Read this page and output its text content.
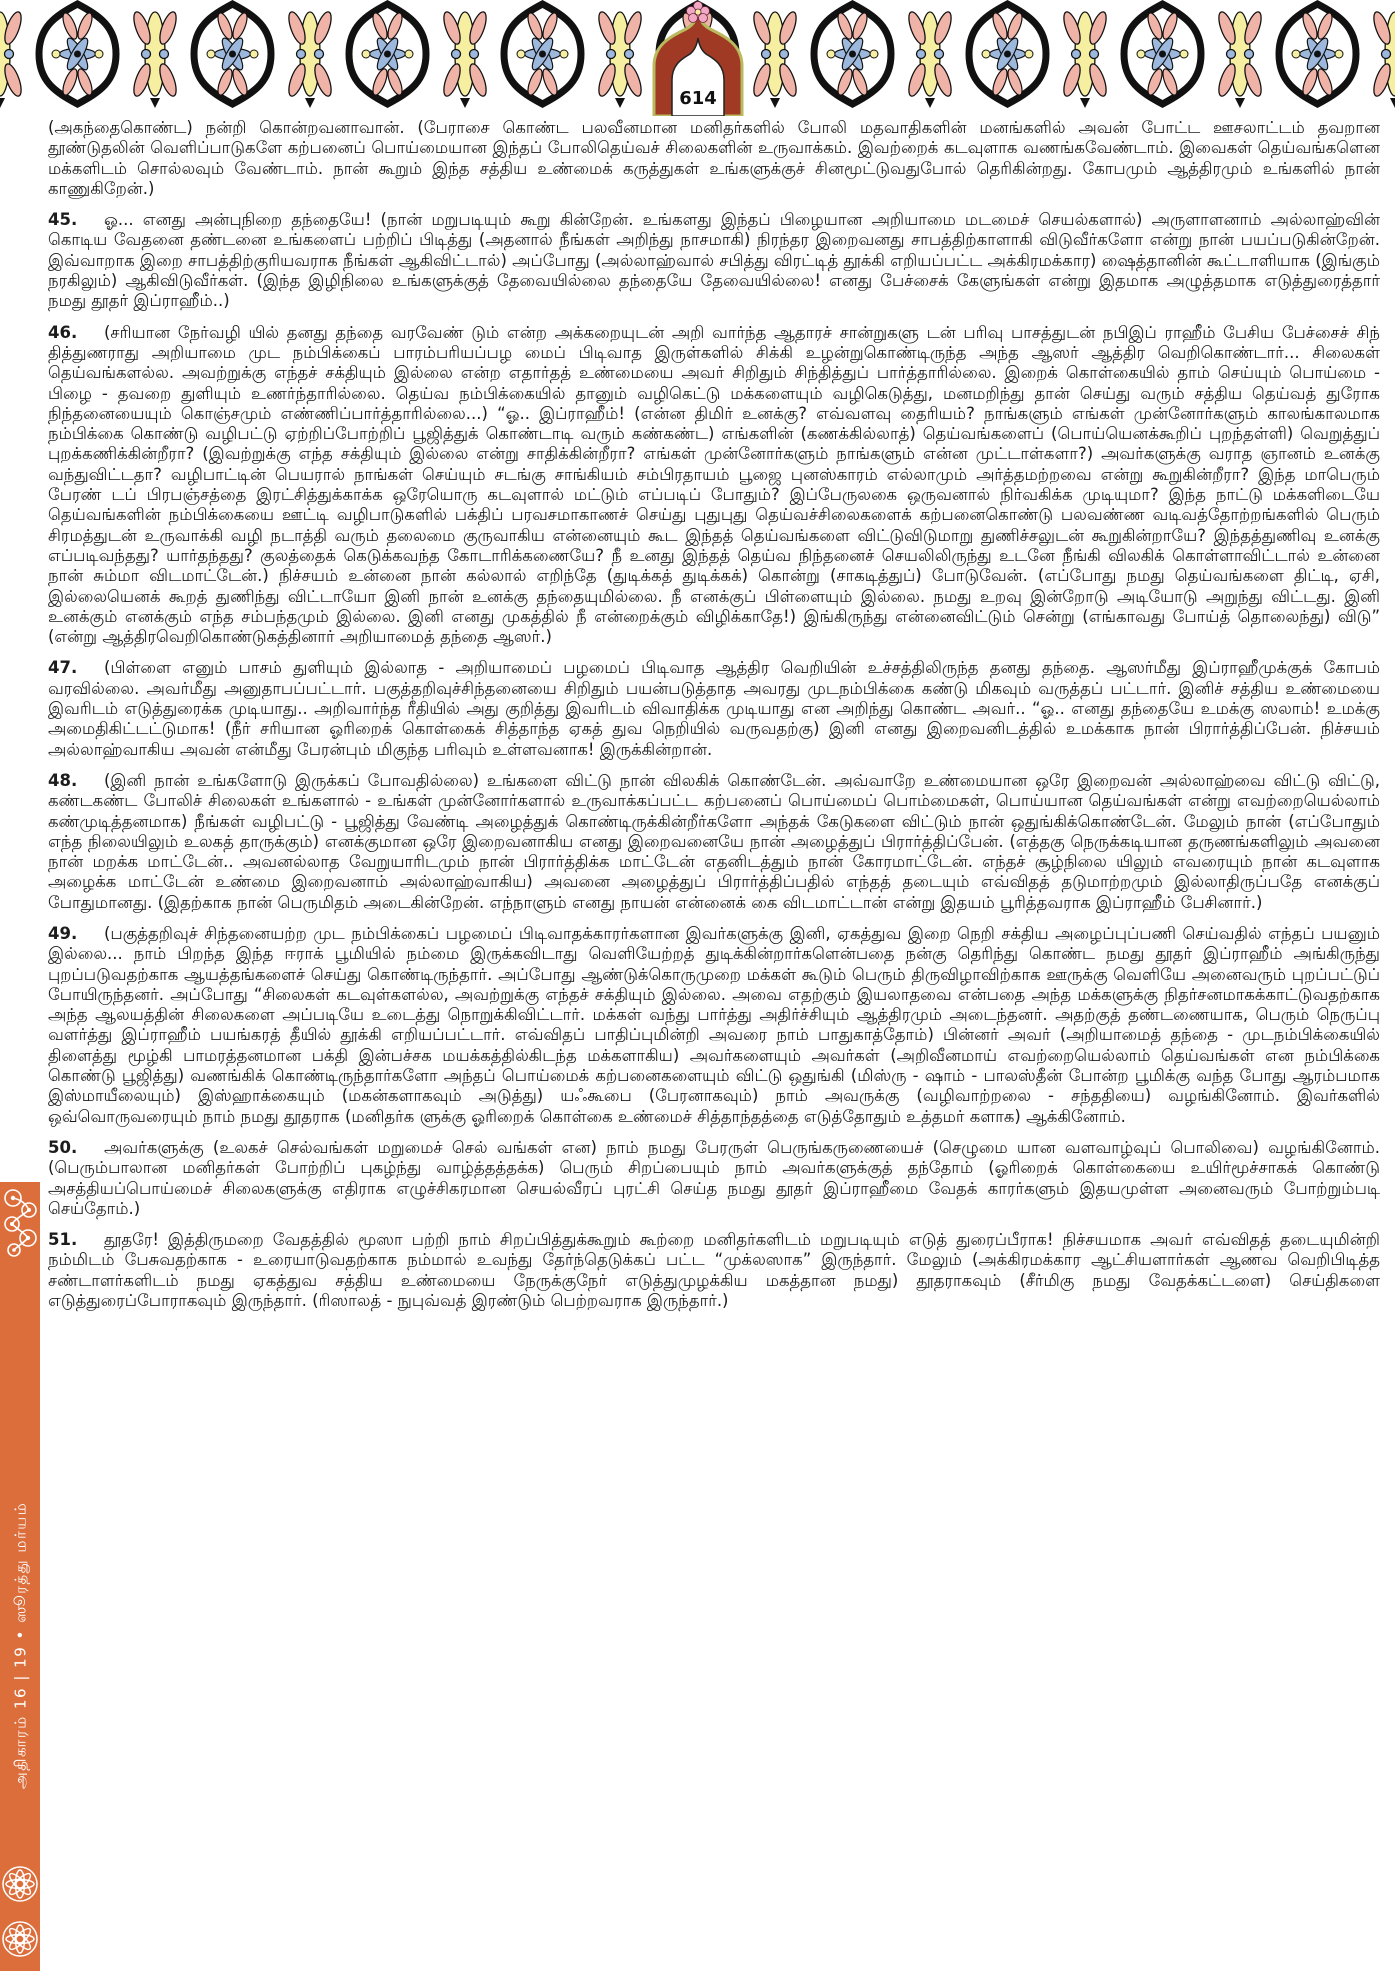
614

(அகந்தைகொண்ட) நன்றி கொன்றவனாவான். (பேராசை கொண்ட பலவீனமான மனிதர்களில் போலி மதவாதிகளின் மனங்களில் அவன் போட்ட ஊசலாட்டம் தவறான தூண்டுதலின் வெளிப்பாடுகளே கற்பனைப் பொய்மையான இந்தப் போலிதெய்வச் சிலைகளின் உருவாக்கம். இவற்றைக் கடவுளாக வணங்கவேண்டாம். இவைகள் தெய்வங்களென மக்களிடம் சொல்லவும் வேண்டாம். நான் கூறும் இந்த சத்திய உண்மைக் கருத்துகள் உங்களுக்குச் சினமூட்டுவதுபோல் தெரிகின்றது. கோபமும் ஆத்திரமும் உங்களில் நான் காணுகிறேன்.)

45. ஓ... எனது அன்புநிறை தந்தையே! (நான் மறுபடியும் கூறு கின்றேன். உங்களது இந்தப் பிழையான அறியாமை மடமைச் செயல்களால்) அருளாளனாம் அல்லாஹ்வின் கொடிய வேதனை தண்டனை உங்களைப் பற்றிப் பிடித்து (அதனால் நீங்கள் அறிந்து நாசமாகி) நிரந்தர இறைவனது சாபத்திற்காளாகி விடுவீர்களோ என்று நான் பயப்படுகின்றேன். இவ்வாறாக இறை சாபத்திற்குரியவராக நீங்கள் ஆகிவிட்டால்) அப்போது (அல்லாஹ்வால் சபித்து விரட்டித் தூக்கி எறியப்பட்ட அக்கிரமக்கார) ஷைத்தானின் கூட்டாளியாக (இங்கும் நரகிலும்) ஆகிவிடுவீர்கள். (இந்த இழிநிலை உங்களுக்குத் தேவையில்லை தந்தையே தேவையில்லை! எனது பேச்சைக் கேளுங்கள் என்று இதமாக அழுத்தமாக எடுத்துரைத்தார் நமது தூதர் இப்ராஹீம்..)

46. (சரியான நேர்வழி யில் தனது தந்தை வரவேண் டும் என்ற அக்கறையுடன் அறி வார்ந்த ஆதாரச் சான்றுகளு டன் பரிவு பாசத்துடன் நபிஇப் ராஹீம் பேசிய பேச்சைச் சிந் தித்துணராது அறியாமை முட நம்பிக்கைப் பாரம்பரியப்பழ மைப் பிடிவாத இருள்களில் சிக்கி உழன்றுகொண்டிருந்த அந்த ஆஸர் ஆத்திர வெறிகொண்டார்... சிலைகள் தெய்வங்களல்ல. அவற்றுக்கு எந்தச் சக்தியும் இல்லை என்ற எதார்தத் உண்மையை அவர் சிறிதும் சிந்தித்துப் பார்த்தாரில்லை. இறைக் கொள்கையில் தாம் செய்யும் பொய்மை - பிழை - தவறை துளியும் உணர்ந்தாரில்லை. தெய்வ நம்பிக்கையில் தானும் வழிகெட்டு மக்களையும் வழிகெடுத்து, மனமறிந்து தான் செய்து வரும் சத்திய தெய்வத் துரோக நிந்தனையையும் கொஞ்சமும் எண்ணிப்பார்த்தாரில்லை...) “ஓ.. இப்ராஹீம்! (என்ன திமிர் உனக்கு? எவ்வளவு தைரியம்? நாங்களும் எங்கள் முன்னோர்களும் காலங்காலமாக நம்பிக்கை கொண்டு வழிபட்டு ஏற்றிப்போற்றிப் பூஜித்துக் கொண்டாடி வரும் கண்கண்ட) எங்களின் (கணக்கில்லாத்) தெய்வங்களைப் (பொய்யெனக்கூறிப் புறந்தள்ளி) வெறுத்துப் புறக்கணிக்கின்றீரா? (இவற்றுக்கு எந்த சக்தியும் இல்லை என்று சாதிக்கின்றீரா? எங்கள் முன்னோர்களும் நாங்களும் என்ன முட்டாள்களா?) அவர்களுக்கு வராத ஞானம் உனக்கு வந்துவிட்டதா? வழிபாட்டின் பெயரால் நாங்கள் செய்யும் சடங்கு சாங்கியம் சம்பிரதாயம் பூஜை புனஸ்காரம் எல்லாமும் அர்த்தமற்றவை என்று கூறுகின்றீரா? இந்த மாபெரும் பேரண் டப் பிரபஞ்சத்தை இரட்சித்துக்காக்க ஒரேயொரு கடவுளால் மட்டும் எப்படிப் போதும்? இப்பேருலகை ஒருவனால் நிர்வகிக்க முடியுமா? இந்த நாட்டு மக்களிடையே தெய்வங்களின் நம்பிக்கையை ஊட்டி வழிபாடுகளில் பக்திப் பரவசமாகாணச் செய்து புதுபுது தெய்வச்சிலைகளைக் கற்பனைகொண்டு பலவண்ண வடிவத்தோற்றங்களில் பெரும் சிரமத்துடன் உருவாக்கி வழி நடாத்தி வரும் தலைமை குருவாகிய என்னையும் கூட இந்தத் தெய்வங்களை விட்டுவிடுமாறு துணிச்சலுடன் கூறுகின்றாயே? இந்தத்துணிவு உனக்கு எப்படிவந்தது? யார்தந்தது? குலத்தைக் கெடுக்கவந்த கோடாரிக்கணையே? நீ உனது இந்தத் தெய்வ நிந்தனைச் செயலிலிருந்து உடனே நீங்கி விலகிக் கொள்ளாவிட்டால் உன்னை நான் சும்மா விடமாட்டேன்.) நிச்சயம் உன்னை நான் கல்லால் எறிந்தே (துடிக்கத் துடிக்கக்) கொன்று (சாகடித்துப்) போடுவேன். (எப்போது நமது தெய்வங்களை திட்டி, ஏசி, இல்லையெனக் கூறத் துணிந்து விட்டாயோ இனி நான் உனக்கு தந்தையுமில்லை. நீ எனக்குப் பிள்ளையும் இல்லை. நமது உறவு இன்றோடு அடியோடு அறுந்து விட்டது. இனி உனக்கும் எனக்கும் எந்த சம்பந்தமும் இல்லை. இனி எனது முகத்தில் நீ என்றைக்கும் விழிக்காதே!) இங்கிருந்து என்னைவிட்டும் சென்று (எங்காவது போய்த் தொலைந்து) விடு” (என்று ஆத்திரவெறிகொண்டுகத்தினார் அறியாமைத் தந்தை ஆஸர்.)

47. (பிள்ளை எனும் பாசம் துளியும் இல்லாத - அறியாமைப் பழமைப் பிடிவாத ஆத்திர வெறியின் உச்சத்திலிருந்த தனது தந்தை. ஆஸர்மீது இப்ராஹீமுக்குக் கோபம் வரவில்லை. அவர்மீது அனுதாபப்பட்டார். பகுத்தறிவுச்சிந்தனையை சிறிதும் பயன்படுத்தாத அவரது முடநம்பிக்கை கண்டு மிகவும் வருத்தப் பட்டார். இனிச் சத்திய உண்மையை இவரிடம் எடுத்துரைக்க முடியாது.. அறிவார்ந்த ரீதியில் அது குறித்து இவரிடம் விவாதிக்க முடியாது என அறிந்து கொண்ட அவர்.. “ஓ.. எனது தந்தையே உமக்கு ஸலாம்! உமக்கு அமைதிகிட்டட்டுமாக! (நீர் சரியான ஓரிறைக் கொள்கைக் சித்தாந்த ஏகத் துவ நெறியில் வருவதற்கு) இனி எனது இறைவனிடத்தில் உமக்காக நான் பிரார்த்திப்பேன். நிச்சயம் அல்லாஹ்வாகிய அவன் என்மீது பேரன்பும் மிகுந்த பரிவும் உள்ளவனாக! இருக்கின்றான்.

48. (இனி நான் உங்களோடு இருக்கப் போவதில்லை) உங்களை விட்டு நான் விலகிக் கொண்டேன். அவ்வாறே உண்மையான ஒரே இறைவன் அல்லாஹ்வை விட்டு விட்டு, கண்டகண்ட போலிச் சிலைகள் உங்களால் - உங்கள் முன்னோர்களால் உருவாக்கப்பட்ட கற்பனைப் பொய்மைப் பொம்மைகள், பொய்யான தெய்வங்கள் என்று எவற்றையெல்லாம் கண்முடித்தனமாக) நீங்கள் வழிபட்டு - பூஜித்து வேண்டி அழைத்துக் கொண்டிருக்கின்றீர்களோ அந்தக் கேடுகளை விட்டும் நான் ஒதுங்கிக்கொண்டேன். மேலும் நான் (எப்போதும் எந்த நிலையிலும் உலகத் தாருக்கும்) எனக்குமான ஒரே இறைவனாகிய எனது இறைவனையே நான் அழைத்துப் பிரார்த்திப்பேன். (எத்தகு நெருக்கடியான தருணங்களிலும் அவனை நான் மறக்க மாட்டேன்.. அவனல்லாத வேறுயாரிடமும் நான் பிரார்த்திக்க மாட்டேன் எதனிடத்தும் நான் கோரமாட்டேன். எந்தச் சூழ்நிலை யிலும் எவரையும் நான் கடவுளாக அழைக்க மாட்டேன் உண்மை இறைவனாம் அல்லாஹ்வாகிய) அவனை அழைத்துப் பிரார்த்திப்பதில் எந்தத் தடையும் எவ்விதத் தடுமாற்றமும் இல்லாதிருப்பதே எனக்குப் போதுமானது. (இதற்காக நான் பெருமிதம் அடைகின்றேன். எந்நாளும் எனது நாயன் என்னைக் கை விடமாட்டான் என்று இதயம் பூரித்தவராக இப்ராஹீம் பேசினார்.)

49. (பகுத்தறிவுச் சிந்தனையற்ற முட நம்பிக்கைப் பழமைப் பிடிவாதக்காரர்களான இவர்களுக்கு இனி, ஏகத்துவ இறை நெறி சக்திய அழைப்புப்பணி செய்வதில் எந்தப் பயனும் இல்லை... நாம் பிறந்த இந்த ஈராக் பூமியில் நம்மை இருக்கவிடாது வெளியேற்றத் துடிக்கின்றார்களென்பதை நன்கு தெரிந்து கொண்ட நமது தூதர் இப்ராஹீம் அங்கிருந்து புறப்படுவதற்காக ஆயத்தங்களைச் செய்து கொண்டிருந்தார். அப்போது ஆண்டுக்கொருமுறை மக்கள் கூடும் பெரும் திருவிழாவிற்காக ஊருக்கு வெளியே அனைவரும் புறப்பட்டுப் போயிருந்தனர். அப்போது “சிலைகள் கடவுள்களல்ல, அவற்றுக்கு எந்தச் சக்தியும் இல்லை. அவை எதற்கும் இயலாதவை என்பதை அந்த மக்களுக்கு நிதர்சனமாகக்காட்டுவதற்காக அந்த ஆலயத்தின் சிலைகளை அப்படியே உடைத்து நொறுக்கிவிட்டார். மக்கள் வந்து பார்த்து அதிர்ச்சியும் ஆத்திரமும் அடைந்தனர். அதற்குத் தண்டணையாக, பெரும் நெருப்பு வளர்த்து இப்ராஹீம் பயங்கரத் தீயில் தூக்கி எறியப்பட்டார். எவ்விதப் பாதிப்புமின்றி அவரை நாம் பாதுகாத்தோம்) பின்னர் அவர் (அறியாமைத் தந்தை - முடநம்பிக்கையில் திளைத்து மூழ்கி பாமரத்தனமான பக்தி இன்பச்சக மயக்கத்தில்கிடந்த மக்களாகிய) அவர்களையும் அவர்கள் (அறிவீனமாய் எவற்றையெல்லாம் தெய்வங்கள் என நம்பிக்கை கொண்டு பூஜித்து) வணங்கிக் கொண்டிருந்தார்களோ அந்தப் பொய்மைக் கற்பனைகளையும் விட்டு ஒதுங்கி (மிஸ்ரு - ஷாம் - பாலஸ்தீன் போன்ற பூமிக்கு வந்த போது ஆரம்பமாக இஸ்மாயீலையும்) இஸ்ஹாக்கையும் (மகன்களாகவும் அடுத்து) யஃகூபை (பேரனாகவும்) நாம் அவருக்கு (வழிவாற்றலை - சந்ததியை) வழங்கினோம். இவர்களில் ஒவ்வொருவரையும் நாம் நமது தூதராக (மனிதர்க ளுக்கு ஓரிறைக் கொள்கை உண்மைச் சித்தாந்தத்தை எடுத்தோதும் உத்தமர் களாக) ஆக்கினோம்.

50. அவர்களுக்கு (உலகச் செல்வங்கள் மறுமைச் செல் வங்கள் என) நாம் நமது பேரருள் பெருங்கருணையைச் (செழுமை யான வளவாழ்வுப் பொலிவை) வழங்கினோம். (பெரும்பாலான மனிதர்கள் போற்றிப் புகழ்ந்து வாழ்த்தத்தக்க) பெரும் சிறப்பையும் நாம் அவர்களுக்குத் தந்தோம் (ஓரிறைக் கொள்கையை உயிர்மூச்சாகக் கொண்டு அசத்தியப்பொய்மைச் சிலைகளுக்கு எதிராக எழுச்சிகரமான செயல்வீரப் புரட்சி செய்த நமது தூதர் இப்ராஹீமை வேதக் காரர்களும் இதயமுள்ள அனைவரும் போற்றும்படி செய்தோம்.)

51. தூதரே! இத்திருமறை வேதத்தில் மூஸா பற்றி நாம் சிறப்பித்துக்கூறும் கூற்றை மனிதர்களிடம் மறுபடியும் எடுத் துரைப்பீராக! நிச்சயமாக அவர் எவ்விதத் தடையுமின்றி நம்மிடம் பேசுவதற்காக - உரையாடுவதற்காக நம்மால் உவந்து தேர்ந்தெடுக்கப் பட்ட “முக்லஸாக” இருந்தார். மேலும் (அக்கிரமக்கார ஆட்சியளார்கள் ஆணவ வெறிபிடித்த சண்டாளர்களிடம் நமது ஏகத்துவ சத்திய உண்மையை நேருக்குநேர் எடுத்துமுழக்கிய மகத்தான நமது) தூதராகவும் (சீர்மிகு நமது வேதக்கட்டளை) செய்திகளை எடுத்துரைப்போராகவும் இருந்தார். (ரிஸாலத் - நுபுவ்வத் இரண்டும் பெற்றவராக இருந்தார்.)

அதிகாரம் 16 | 19 • ஸூரத்து மர்யம்
